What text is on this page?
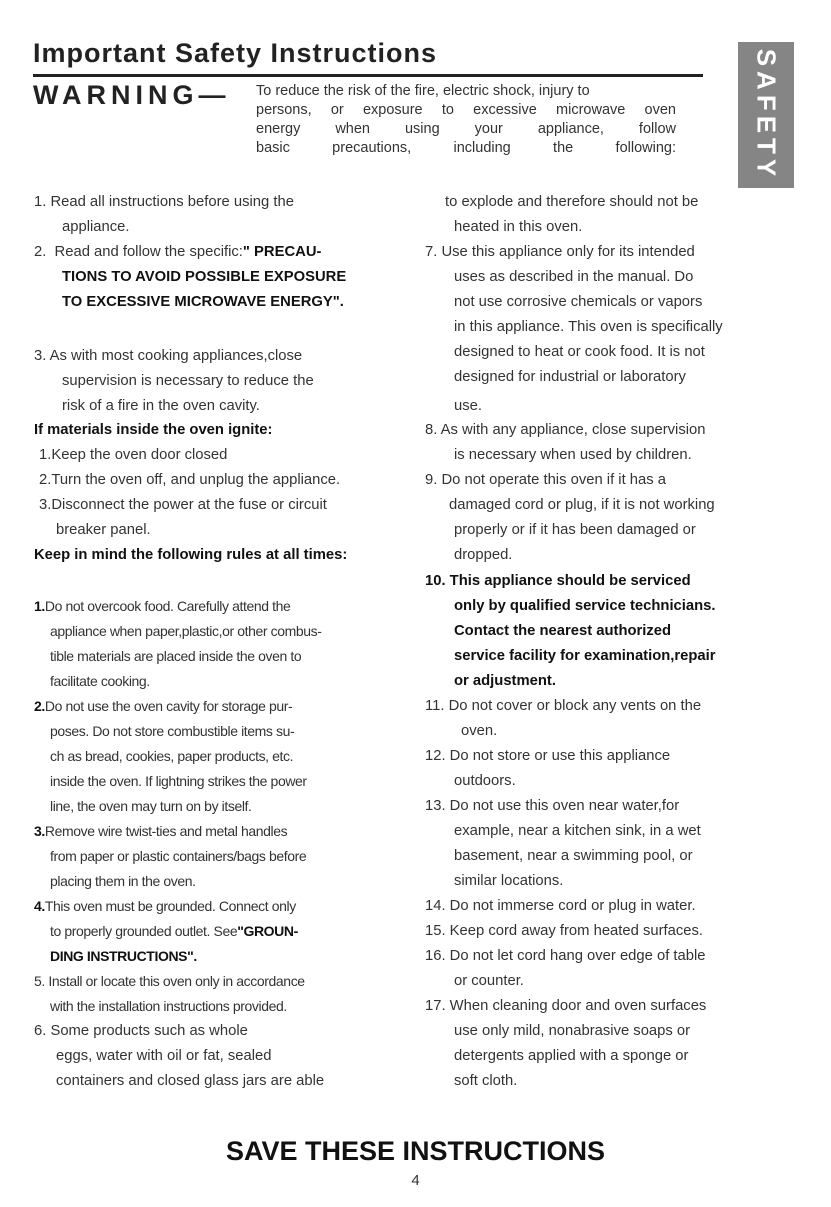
Important Safety Instructions
WARNING— To reduce the risk of the fire, electric shock, injury to
persons, or exposure to excessive microwave oven
energy when using your appliance, follow
basic precautions, including the following:	SAFETY
1. Read all instructions before using the
appliance.
2.  Read and follow the specific:" PRECAU-
TIONS TO AVOID POSSIBLE EXPOSURE
TO EXCESSIVE MICROWAVE ENERGY".
3. As with most cooking appliances,close
supervision is necessary to reduce the
risk of a fire in the oven cavity.
If materials inside the oven ignite:
1.Keep the oven door closed
2.Turn the oven off, and unplug the appliance.
3.Disconnect the power at the fuse or circuit
breaker panel.
Keep in mind the following rules at all times:
1.Do not overcook food. Carefully attend the
appliance when paper,plastic,or other combus-
tible materials are placed inside the oven to
facilitate cooking.
2.Do not use the oven cavity for storage pur-
poses. Do not store combustible items su-
ch as bread, cookies, paper products, etc.
inside the oven. If lightning strikes the power
line, the oven may turn on by itself.
3.Remove wire twist-ties and metal handles
from paper or plastic containers/bags before
placing them in the oven.
4.This oven must be grounded. Connect only
to properly grounded outlet. See"GROUN-
DING INSTRUCTIONS".
5. Install or locate this oven only in accordance
with the installation instructions provided.
6. Some products such as whole
eggs, water with oil or fat, sealed
containers and closed glass jars are able
to explode and therefore should not be
heated in this oven.
7. Use this appliance only for its intended
uses as described in the manual. Do
not use corrosive chemicals or vapors
in this appliance. This oven is specifically
designed to heat or cook food. It is not
designed for industrial or laboratory
use.
8. As with any appliance, close supervision
is necessary when used by children.
9. Do not operate this oven if it has a
damaged cord or plug, if it is not working
properly or if it has been damaged or
dropped.
10. This appliance should be serviced
only by qualified service technicians.
Contact the nearest authorized
service facility for examination,repair
or adjustment.
11. Do not cover or block any vents on the
oven.
12. Do not store or use this appliance
outdoors.
13. Do not use this oven near water,for
example, near a kitchen sink, in a wet
basement, near a swimming pool, or
similar locations.
14. Do not immerse cord or plug in water.
15. Keep cord away from heated surfaces.
16. Do not let cord hang over edge of table
or counter.
17. When cleaning door and oven surfaces
use only mild, nonabrasive soaps or
detergents applied with a sponge or
soft cloth.
SAVE THESE INSTRUCTIONS
4
